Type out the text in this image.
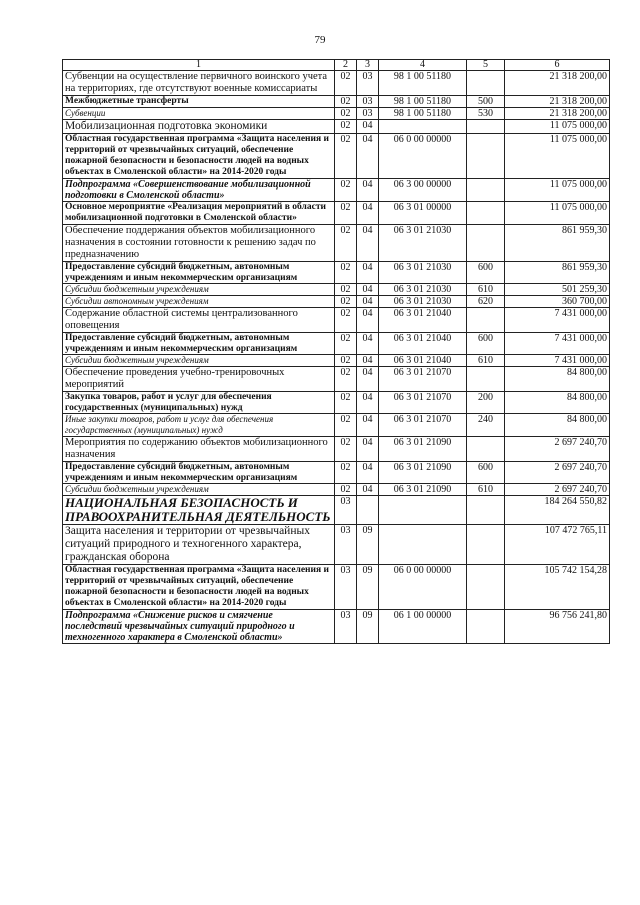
79
1	2	3	4	5	6
Субвенции на осуществление первичного воинского учета на территориях, где отсутствуют военные комиссариаты	02	03	98 1 00 51180		21 318 200,00
Межбюджетные трансферты	02	03	98 1 00 51180	500	21 318 200,00
Субвенции	02	03	98 1 00 51180	530	21 318 200,00
Мобилизационная подготовка экономики	02	04			11 075 000,00
Областная государственная программа «Защита населения и территорий от чрезвычайных ситуаций, обеспечение пожарной безопасности и безопасности людей на водных объектах в Смоленской области» на 2014-2020 годы	02	04	06 0 00 00000		11 075 000,00
Подпрограмма «Совершенствование мобилизационной подготовки в Смоленской области»	02	04	06 3 00 00000		11 075 000,00
Основное мероприятие «Реализация мероприятий в области мобилизационной подготовки в Смоленской области»	02	04	06 3 01 00000		11 075 000,00
Обеспечение поддержания объектов мобилизационного назначения в состоянии готовности к решению задач по предназначению	02	04	06 3 01 21030		861 959,30
Предоставление субсидий бюджетным, автономным учреждениям и иным некоммерческим организациям	02	04	06 3 01 21030	600	861 959,30
Субсидии бюджетным учреждениям	02	04	06 3 01 21030	610	501 259,30
Субсидии автономным учреждениям	02	04	06 3 01 21030	620	360 700,00
Содержание областной системы централизованного оповещения	02	04	06 3 01 21040		7 431 000,00
Предоставление субсидий бюджетным, автономным учреждениям и иным некоммерческим организациям	02	04	06 3 01 21040	600	7 431 000,00
Субсидии бюджетным учреждениям	02	04	06 3 01 21040	610	7 431 000,00
Обеспечение проведения учебно-тренировочных мероприятий	02	04	06 3 01 21070		84 800,00
Закупка товаров, работ и услуг для обеспечения государственных (муниципальных) нужд	02	04	06 3 01 21070	200	84 800,00
Иные закупки товаров, работ и услуг для обеспечения государственных (муниципальных) нужд	02	04	06 3 01 21070	240	84 800,00
Мероприятия по содержанию объектов мобилизационного назначения	02	04	06 3 01 21090		2 697 240,70
Предоставление субсидий бюджетным, автономным учреждениям и иным некоммерческим организациям	02	04	06 3 01 21090	600	2 697 240,70
Субсидии бюджетным учреждениям	02	04	06 3 01 21090	610	2 697 240,70
НАЦИОНАЛЬНАЯ БЕЗОПАСНОСТЬ И ПРАВООХРАНИТЕЛЬНАЯ ДЕЯТЕЛЬНОСТЬ	03				184 264 550,82
Защита населения и территории от чрезвычайных ситуаций природного и техногенного характера, гражданская оборона	03	09			107 472 765,11
Областная государственная программа «Защита населения и территорий от чрезвычайных ситуаций, обеспечение пожарной безопасности и безопасности людей на водных объектах в Смоленской области» на 2014-2020 годы	03	09	06 0 00 00000		105 742 154,28
Подпрограмма «Снижение рисков и смягчение последствий чрезвычайных ситуаций природного и техногенного характера в Смоленской области»	03	09	06 1 00 00000		96 756 241,80
